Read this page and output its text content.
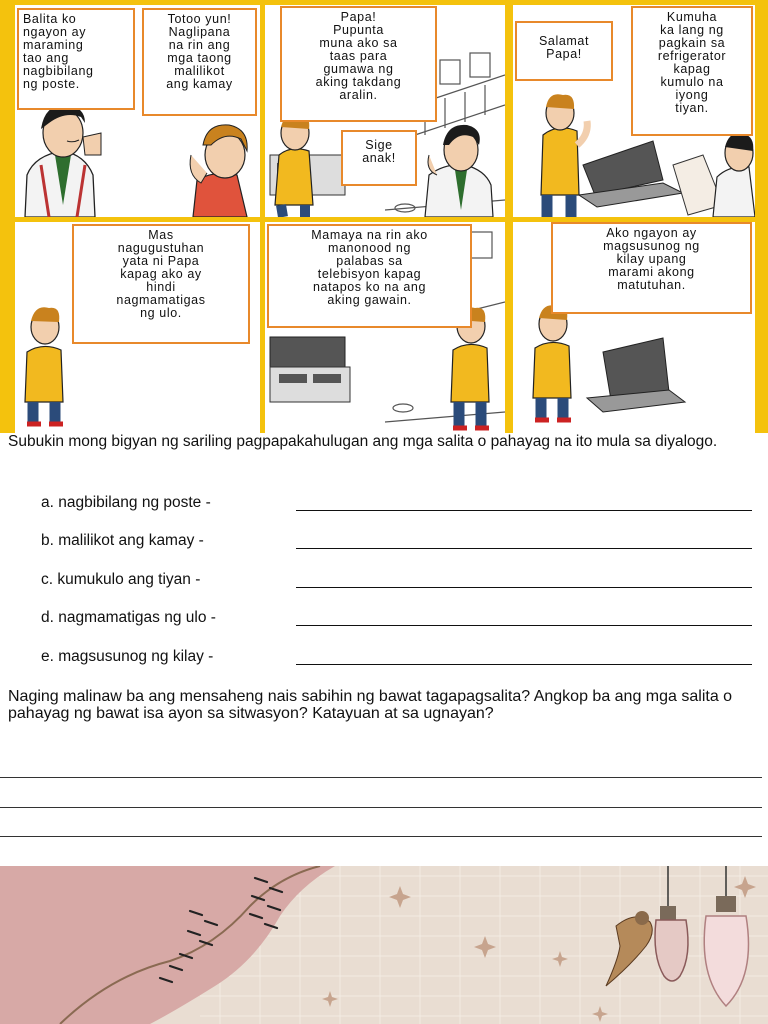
Balita ko
ngayon ay
maraming
tao ang
nagbibilang
ng poste.
Totoo yun!
Naglipana
na rin ang
mga taong
malilikot
ang kamay
Papa!
Pupunta
muna ako sa
taas para
gumawa ng
aking takdang
aralin.
Sige
anak!
Salamat
Papa!
Kumuha
ka lang ng
pagkain sa
refrigerator
kapag
kumulo na
iyong
tiyan.
Mas
nagugustuhan
yata ni Papa
kapag ako ay
hindi
nagmamatigas
ng ulo.
Mamaya na rin ako
manonood ng
palabas sa
telebisyon kapag
natapos ko na ang
aking gawain.
Ako ngayon ay
magsusunog ng
kilay upang
marami akong
matutuhan.
Subukin mong bigyan ng sariling pagpapakahulugan ang mga salita o pahayag na ito mula sa diyalogo.
a. nagbibilang ng poste -
b. malilikot ang kamay -
c. kumukulo ang tiyan -
d. nagmamatigas ng ulo -
e. magsusunog ng kilay -
Naging malinaw ba ang mensaheng nais sabihin ng bawat tagapagsalita? Angkop ba ang mga salita o pahayag ng bawat isa ayon sa sitwasyon? Katayuan at sa ugnayan?
